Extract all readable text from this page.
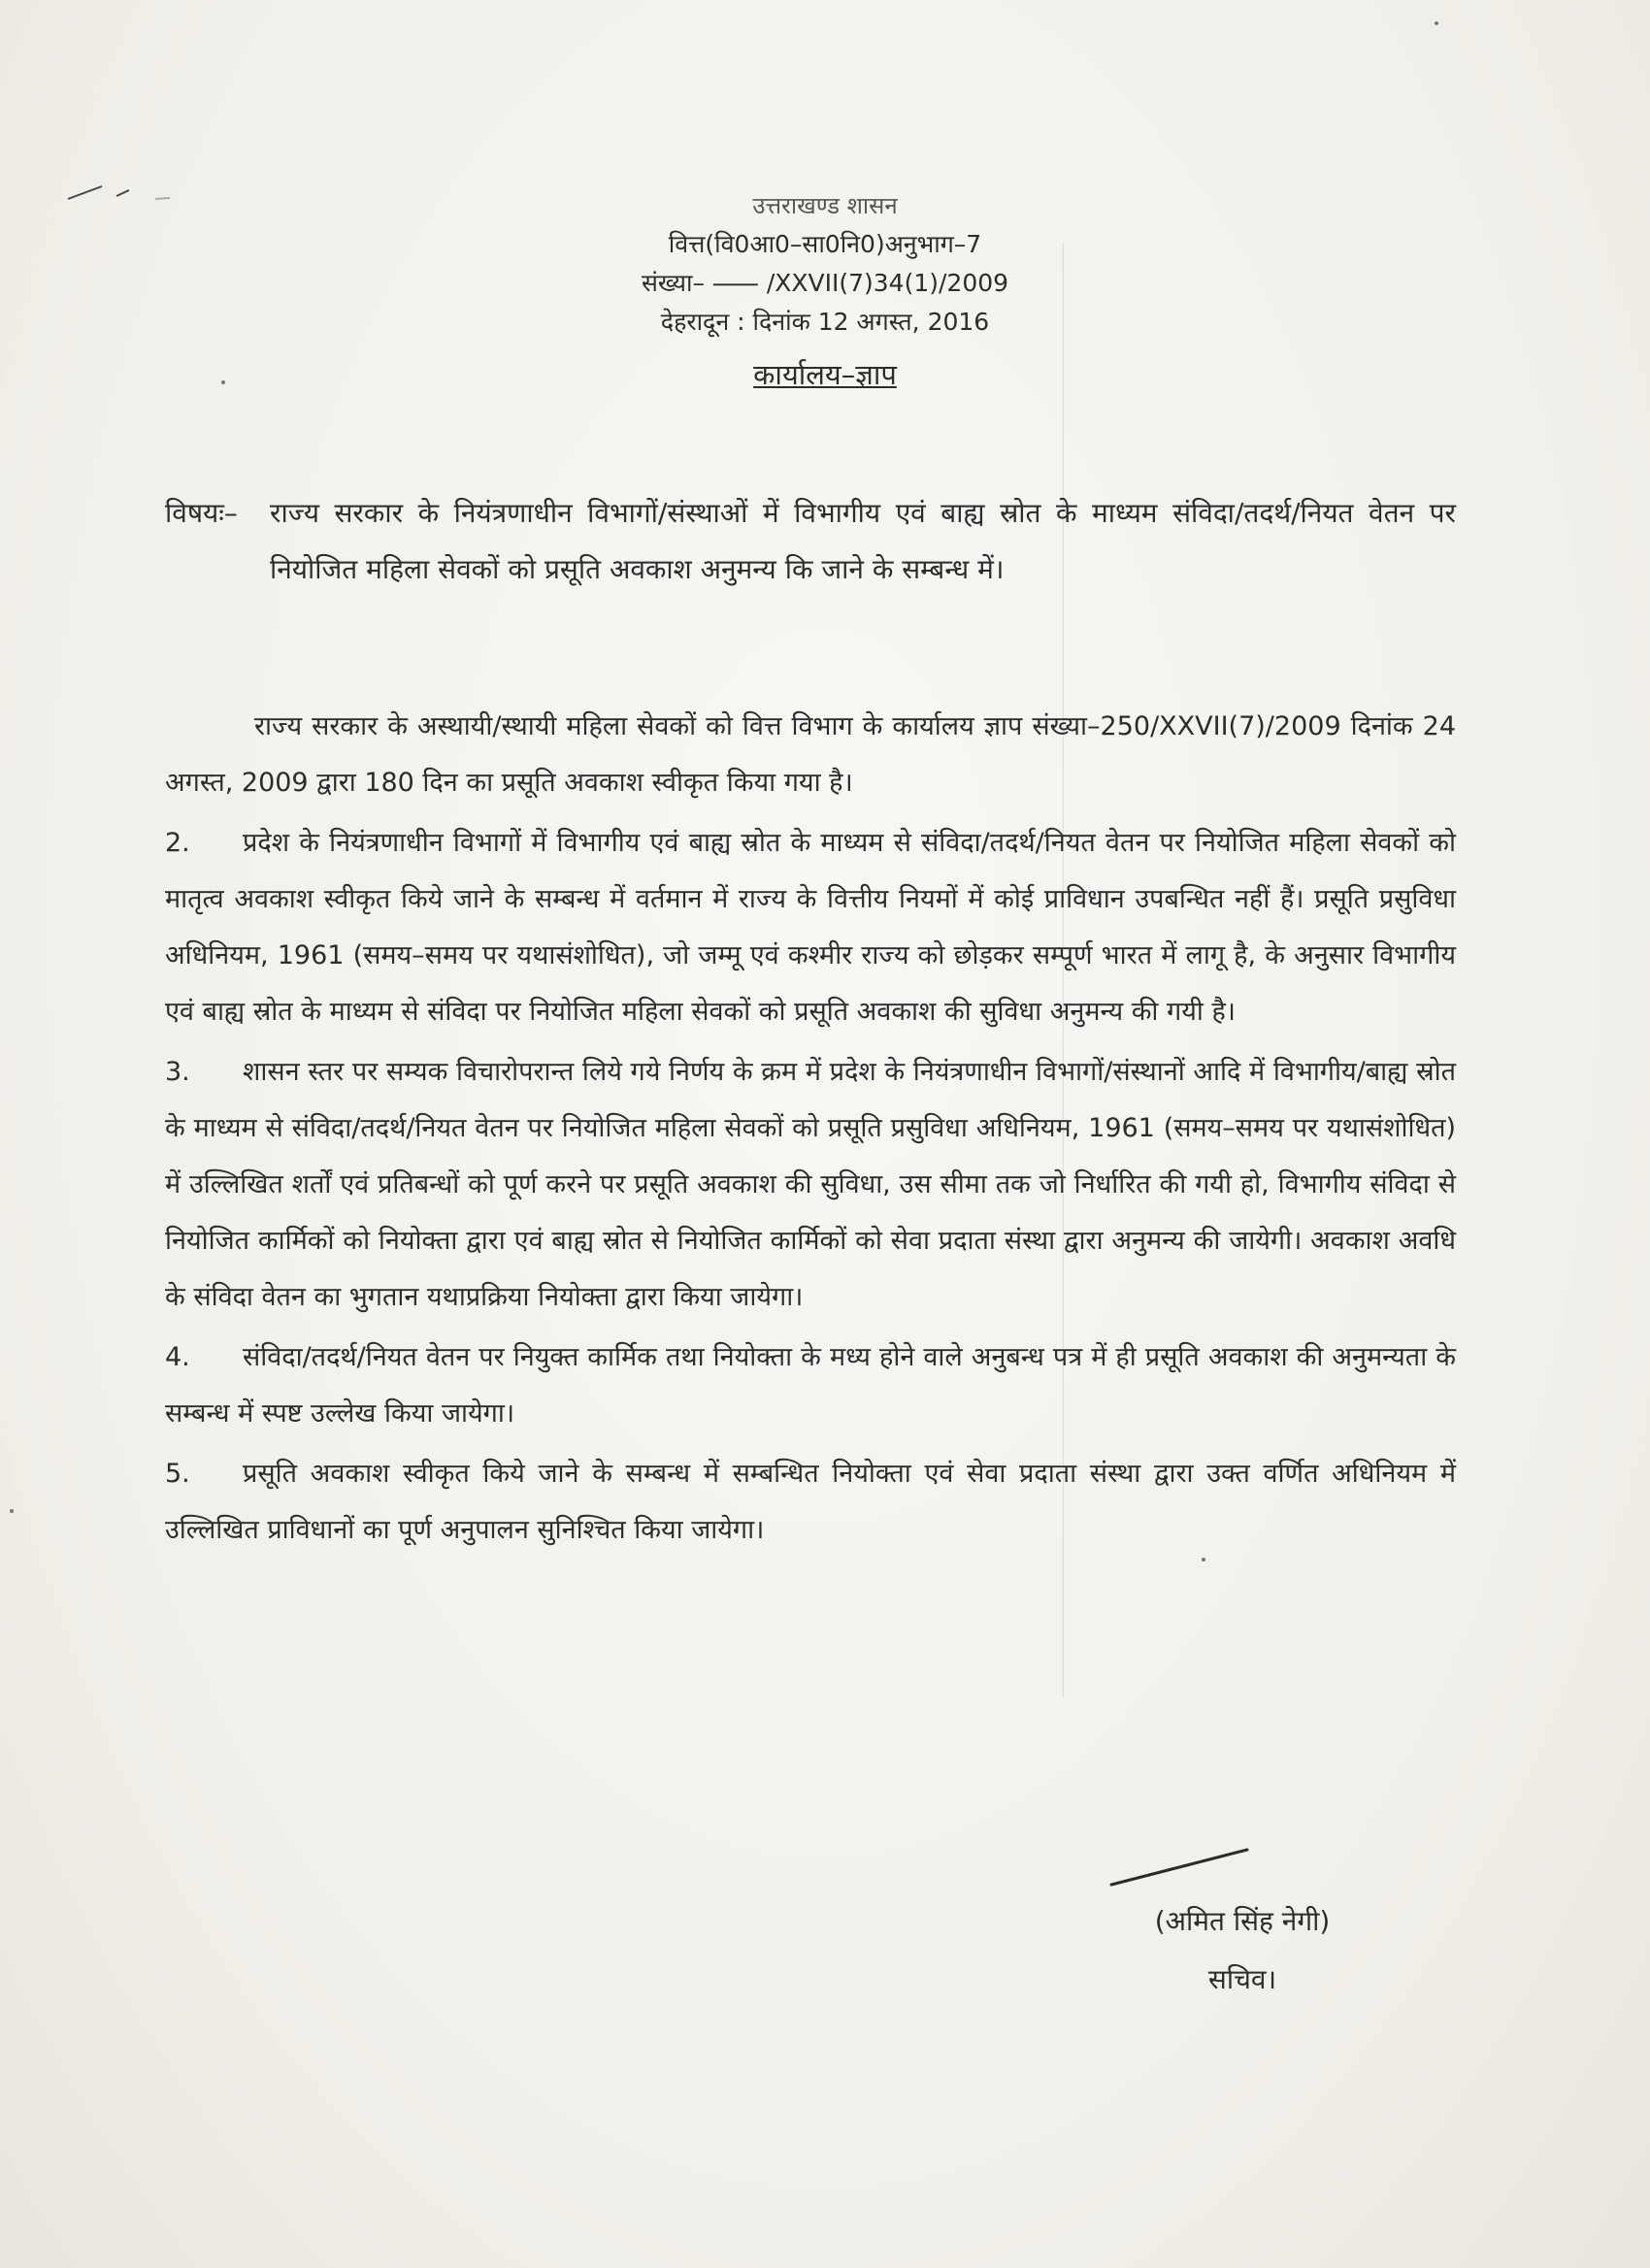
उत्तराखण्ड शासन
वित्त(वि0आ0–सा0नि0)अनुभाग–7
संख्या– ⸺ /XXVII(7)34(1)/2009
देहरादून : दिनांक 12 अगस्त, 2016
कार्यालय–ज्ञाप
विषयः– राज्य सरकार के नियंत्रणाधीन विभागों/संस्थाओं में विभागीय एवं बाह्य स्रोत के माध्यम संविदा/तदर्थ/नियत वेतन पर नियोजित महिला सेवकों को प्रसूति अवकाश अनुमन्य कि जाने के सम्बन्ध में।

राज्य सरकार के अस्थायी/स्थायी महिला सेवकों को वित्त विभाग के कार्यालय ज्ञाप संख्या–250/XXVII(7)/2009 दिनांक 24 अगस्त, 2009 द्वारा 180 दिन का प्रसूति अवकाश स्वीकृत किया गया है।

2. प्रदेश के नियंत्रणाधीन विभागों में विभागीय एवं बाह्य स्रोत के माध्यम से संविदा/तदर्थ/नियत वेतन पर नियोजित महिला सेवकों को मातृत्व अवकाश स्वीकृत किये जाने के सम्बन्ध में वर्तमान में राज्य के वित्तीय नियमों में कोई प्राविधान उपबन्धित नहीं हैं। प्रसूति प्रसुविधा अधिनियम, 1961 (समय–समय पर यथासंशोधित), जो जम्मू एवं कश्मीर राज्य को छोड़कर सम्पूर्ण भारत में लागू है, के अनुसार विभागीय एवं बाह्य स्रोत के माध्यम से संविदा पर नियोजित महिला सेवकों को प्रसूति अवकाश की सुविधा अनुमन्य की गयी है।

3. शासन स्तर पर सम्यक विचारोपरान्त लिये गये निर्णय के क्रम में प्रदेश के नियंत्रणाधीन विभागों/संस्थानों आदि में विभागीय/बाह्य स्रोत के माध्यम से संविदा/तदर्थ/नियत वेतन पर नियोजित महिला सेवकों को प्रसूति प्रसुविधा अधिनियम, 1961 (समय–समय पर यथासंशोधित) में उल्लिखित शर्तों एवं प्रतिबन्धों को पूर्ण करने पर प्रसूति अवकाश की सुविधा, उस सीमा तक जो निर्धारित की गयी हो, विभागीय संविदा से नियोजित कार्मिकों को नियोक्ता द्वारा एवं बाह्य स्रोत से नियोजित कार्मिकों को सेवा प्रदाता संस्था द्वारा अनुमन्य की जायेगी। अवकाश अवधि के संविदा वेतन का भुगतान यथाप्रक्रिया नियोक्ता द्वारा किया जायेगा।

4. संविदा/तदर्थ/नियत वेतन पर नियुक्त कार्मिक तथा नियोक्ता के मध्य होने वाले अनुबन्ध पत्र में ही प्रसूति अवकाश की अनुमन्यता के सम्बन्ध में स्पष्ट उल्लेख किया जायेगा।

5. प्रसूति अवकाश स्वीकृत किये जाने के सम्बन्ध में सम्बन्धित नियोक्ता एवं सेवा प्रदाता संस्था द्वारा उक्त वर्णित अधिनियम में उल्लिखित प्राविधानों का पूर्ण अनुपालन सुनिश्चित किया जायेगा।

(अमित सिंह नेगी)
सचिव।
